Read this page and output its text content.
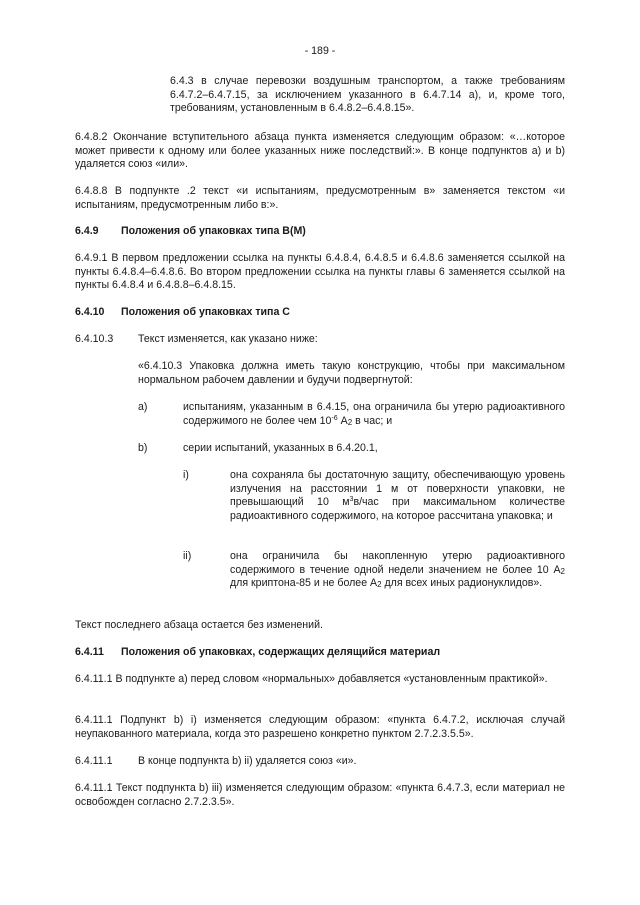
- 189 -
6.4.3 в случае перевозки воздушным транспортом, а также требованиям 6.4.7.2–6.4.7.15, за исключением указанного в 6.4.7.14 a), и, кроме того, требованиям, установленным в 6.4.8.2–6.4.8.15».
6.4.8.2 Окончание вступительного абзаца пункта изменяется следующим образом: «…которое может привести к одному или более указанных ниже последствий:». В конце подпунктов a) и b) удаляется союз «или».
6.4.8.8 В подпункте .2 текст «и испытаниям, предусмотренным в» заменяется текстом «и испытаниям, предусмотренным либо в:».
6.4.9 Положения об упаковках типа B(M)
6.4.9.1 В первом предложении ссылка на пункты 6.4.8.4, 6.4.8.5 и 6.4.8.6 заменяется ссылкой на пункты 6.4.8.4–6.4.8.6. Во втором предложении ссылка на пункты главы 6 заменяется ссылкой на пункты 6.4.8.4 и 6.4.8.8–6.4.8.15.
6.4.10 Положения об упаковках типа C
6.4.10.3 Текст изменяется, как указано ниже:
«6.4.10.3 Упаковка должна иметь такую конструкцию, чтобы при максимальном нормальном рабочем давлении и будучи подвергнутой:
a)	испытаниям, указанным в 6.4.15, она ограничила бы утерю радиоактивного содержимого не более чем $10^{-6}$ $A_2$ в час; и
b)	серии испытаний, указанных в 6.4.20.1,
i)	она сохраняла бы достаточную защиту, обеспечивающую уровень излучения на расстоянии 1 м от поверхности упаковки, не превышающий 10 $м^3в$/час при максимальном количестве радиоактивного содержимого, на которое рассчитана упаковка; и
ii)	она ограничила бы накопленную утерю радиоактивного содержимого в течение одной недели значением не более 10 $A_2$ для криптона-85 и не более $A_2$ для всех иных радионуклидов».
Текст последнего абзаца остается без изменений.
6.4.11 Положения об упаковках, содержащих делящийся материал
6.4.11.1 В подпункте a) перед словом «нормальных» добавляется «установленным практикой».
6.4.11.1 Подпункт b) i) изменяется следующим образом: «пункта 6.4.7.2, исключая случай неупакованного материала, когда это разрешено конкретно пунктом 2.7.2.3.5.5».
6.4.11.1 В конце подпункта b) ii) удаляется союз «и».
6.4.11.1 Текст подпункта b) iii) изменяется следующим образом: «пункта 6.4.7.3, если материал не освобожден согласно 2.7.2.3.5».
